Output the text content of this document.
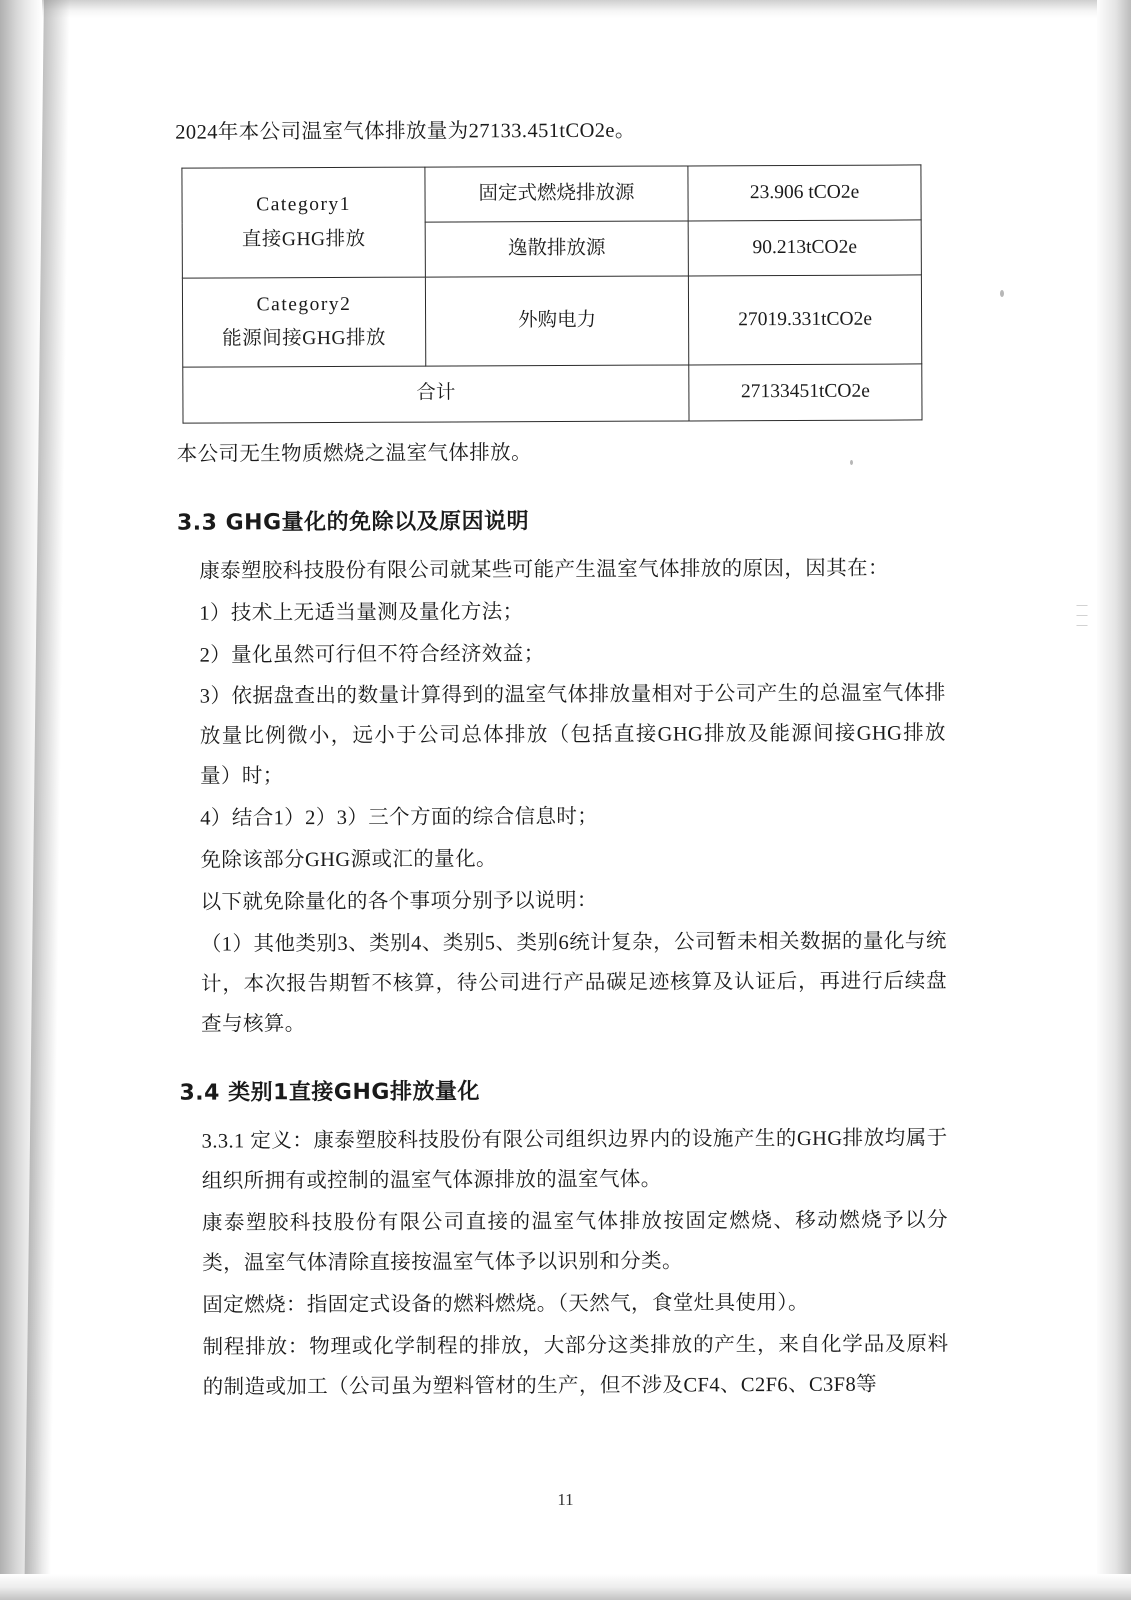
｜｜｜

2024年本公司温室气体排放量为27133.451tCO2e。

Category1
直接GHG排放	固定式燃烧排放源	23.906 tCO2e
	逸散排放源	90.213tCO2e

Category2
能源间接GHG排放	外购电力	27019.331tCO2e
合计		27133451tCO2e

本公司无生物质燃烧之温室气体排放。

3.3 GHG量化的免除以及原因说明

康泰塑胶科技股份有限公司就某些可能产生温室气体排放的原因，因其在：

1）技术上无适当量测及量化方法；

2）量化虽然可行但不符合经济效益；

3）依据盘查出的数量计算得到的温室气体排放量相对于公司产生的总温室气体排放量比例微小，远小于公司总体排放（包括直接GHG排放及能源间接GHG排放量）时；

4）结合1）2）3）三个方面的综合信息时；

免除该部分GHG源或汇的量化。

以下就免除量化的各个事项分别予以说明：

（1）其他类别3、类别4、类别5、类别6统计复杂，公司暂未相关数据的量化与统计，本次报告期暂不核算，待公司进行产品碳足迹核算及认证后，再进行后续盘查与核算。

3.4 类别1直接GHG排放量化

3.3.1 定义：康泰塑胶科技股份有限公司组织边界内的设施产生的GHG排放均属于组织所拥有或控制的温室气体源排放的温室气体。

康泰塑胶科技股份有限公司直接的温室气体排放按固定燃烧、移动燃烧予以分类，温室气体清除直接按温室气体予以识别和分类。

固定燃烧：指固定式设备的燃料燃烧。（天然气，食堂灶具使用）。

制程排放：物理或化学制程的排放，大部分这类排放的产生，来自化学品及原料的制造或加工（公司虽为塑料管材的生产，但不涉及CF4、C2F6、C3F8等

11
